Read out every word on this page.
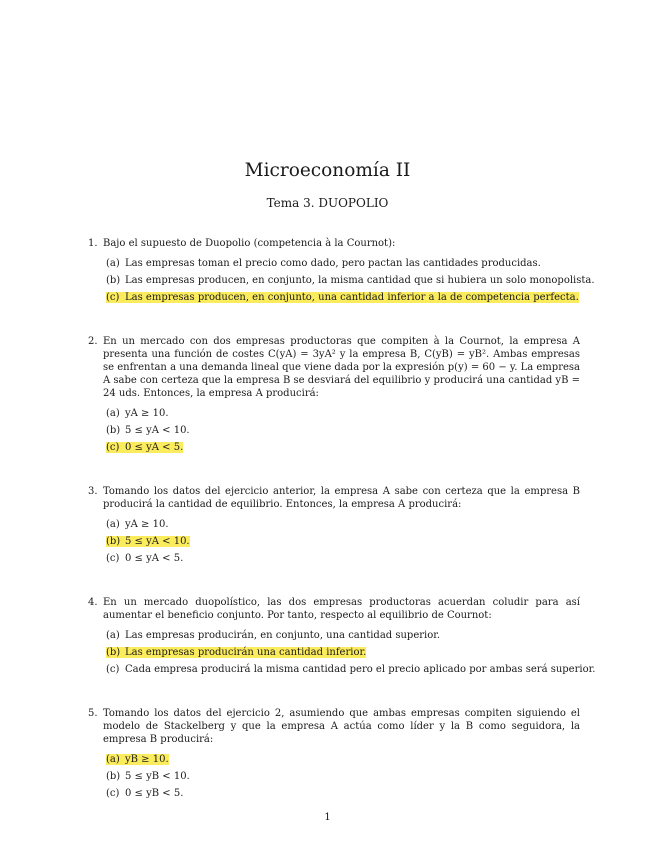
Microeconomía II
Tema 3. DUOPOLIO
1. Bajo el supuesto de Duopolio (competencia à la Cournot):
(a) Las empresas toman el precio como dado, pero pactan las cantidades producidas.
(b) Las empresas producen, en conjunto, la misma cantidad que si hubiera un solo monopolista.
(c) Las empresas producen, en conjunto, una cantidad inferior a la de competencia perfecta.
2. En un mercado con dos empresas productoras que compiten à la Cournot, la empresa A presenta una función de costes C(yA) = 3yA² y la empresa B, C(yB) = yB². Ambas empresas se enfrentan a una demanda lineal que viene dada por la expresión p(y) = 60 − y. La empresa A sabe con certeza que la empresa B se desviará del equilibrio y producirá una cantidad yB = 24 uds. Entonces, la empresa A producirá:
(a) yA ≥ 10.
(b) 5 ≤ yA < 10.
(c) 0 ≤ yA < 5.
3. Tomando los datos del ejercicio anterior, la empresa A sabe con certeza que la empresa B producirá la cantidad de equilibrio. Entonces, la empresa A producirá:
(a) yA ≥ 10.
(b) 5 ≤ yA < 10.
(c) 0 ≤ yA < 5.
4. En un mercado duopolístico, las dos empresas productoras acuerdan coludir para así aumentar el beneficio conjunto. Por tanto, respecto al equilibrio de Cournot:
(a) Las empresas producirán, en conjunto, una cantidad superior.
(b) Las empresas producirán una cantidad inferior.
(c) Cada empresa producirá la misma cantidad pero el precio aplicado por ambas será superior.
5. Tomando los datos del ejercicio 2, asumiendo que ambas empresas compiten siguiendo el modelo de Stackelberg y que la empresa A actúa como líder y la B como seguidora, la empresa B producirá:
(a) yB ≥ 10.
(b) 5 ≤ yB < 10.
(c) 0 ≤ yB < 5.
1
